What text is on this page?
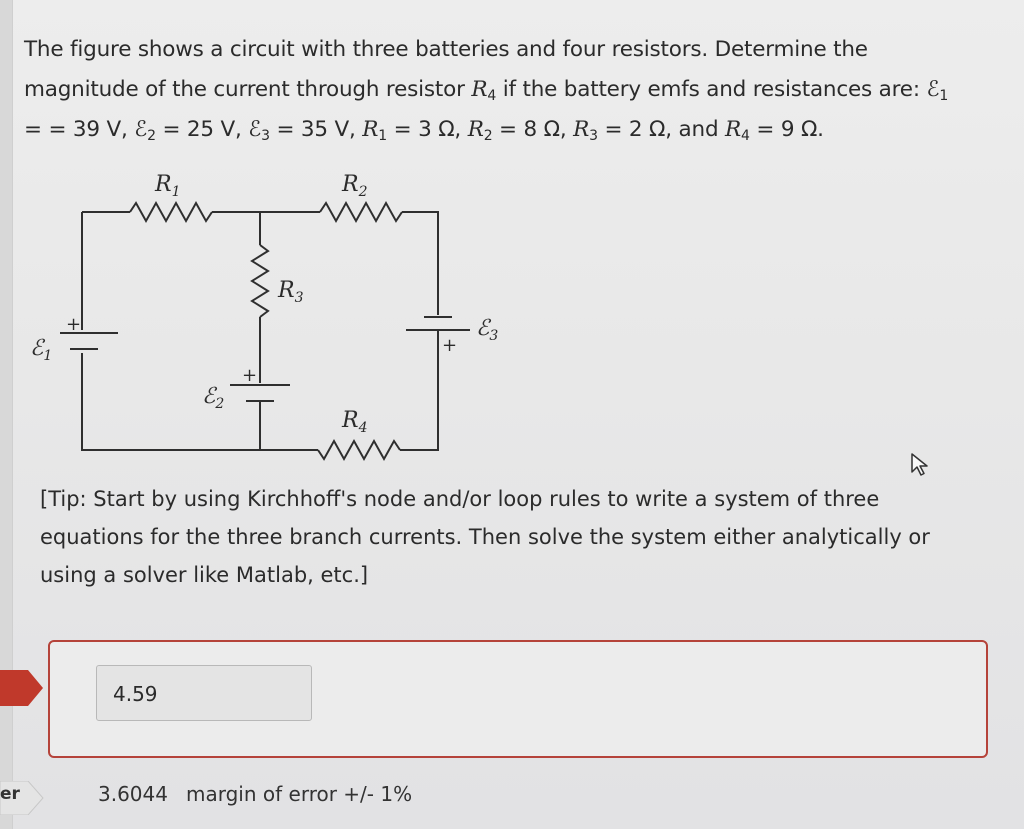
The figure shows a circuit with three batteries and four resistors. Determine the
magnitude of the current through resistor $R_4$ if the battery emfs and resistances are: ℰ$_1$
= = 39 V, ℰ$_2$ = 25 V, ℰ$_3$ = 35 V, $R_1 = 3$ Ω, $R_2 = 8$ Ω, $R_3 = 2$ Ω, and $R_4 = 9$ Ω.
$R_1$	$R_2$
$R_3$
$R_4$
ℰ$_1$
ℰ$_2$
ℰ$_3$
+
+
+
[Tip: Start by using Kirchhoff's node and/or loop rules to write a system of three
equations for the three branch currents. Then solve the system either analytically or
using a solver like Matlab, etc.]
4.59
er	3.6044 margin of error +/- 1%
